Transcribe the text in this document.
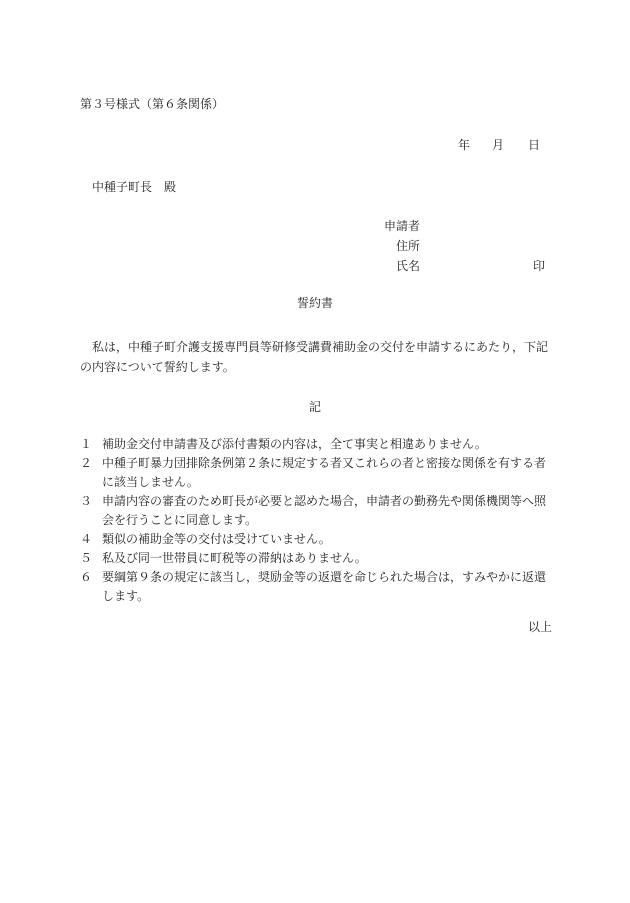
第３号様式（第６条関係）
年 月 日
中種子町長 殿
申請者
住所
氏名	印
誓約書
私は，中種子町介護支援専門員等研修受講費補助金の交付を申請するにあたり，下記の内容について誓約します。
記
１ 補助金交付申請書及び添付書類の内容は，全て事実と相違ありません。
２ 中種子町暴力団排除条例第２条に規定する者又これらの者と密接な関係を有する者に該当しません。
３ 申請内容の審査のため町長が必要と認めた場合，申請者の勤務先や関係機関等へ照会を行うことに同意します。
４ 類似の補助金等の交付は受けていません。
５ 私及び同一世帯員に町税等の滞納はありません。
６ 要綱第９条の規定に該当し，奨励金等の返還を命じられた場合は，すみやかに返還します。
以上
